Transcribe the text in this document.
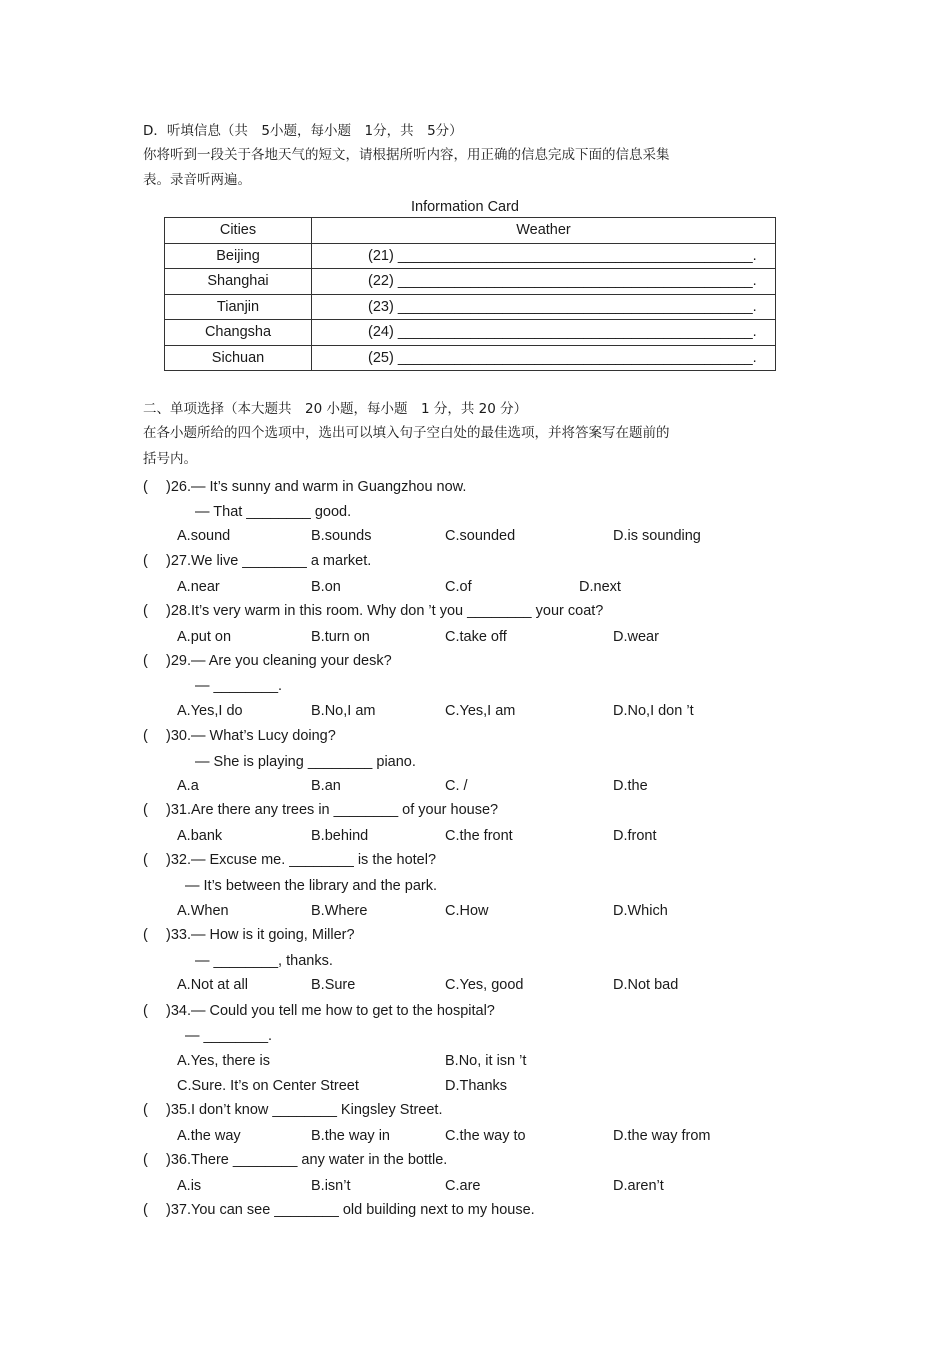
D．听填信息（共　5小题，每小题　1分，共　5分）
你将听到一段关于各地天气的短文，请根据所听内容，用正确的信息完成下面的信息采集
表。录音听两遍。
Information Card
Cities	Weather
Beijing	(21) ____________________________________________.
Shanghai	(22) ____________________________________________.
Tianjin	(23) ____________________________________________.
Changsha	(24) ____________________________________________.
Sichuan	(25) ____________________________________________.
二、单项选择（本大题共　20 小题，每小题　1 分，共 20 分）
在各小题所给的四个选项中，选出可以填入句子空白处的最佳选项，并将答案写在题前的
括号内。
( )26.— It’s sunny and warm in Guangzhou now.
— That ________ good.
A.sound	B.sounds	C.sounded	D.is sounding
( )27.We live ________ a market.
A.near	B.on	C.of	D.next
( )28.It’s very warm in this room. Why don ’t you ________ your coat?
A.put on	B.turn on	C.take off	D.wear
( )29.— Are you cleaning your desk?
— ________.
A.Yes,I do	B.No,I am	C.Yes,I am	D.No,I don ’t
( )30.— What’s Lucy doing?
— She is playing ________ piano.
A.a	B.an	C. /	D.the
( )31.Are there any trees in ________ of your house?
A.bank	B.behind	C.the front	D.front
( )32.— Excuse me. ________ is the hotel?
— It’s between the library and the park.
A.When	B.Where	C.How	D.Which
( )33.— How is it going, Miller?
— ________, thanks.
A.Not at all	B.Sure	C.Yes, good	D.Not bad
( )34.— Could you tell me how to get to the hospital?
— ________.
A.Yes, there is	B.No, it isn ’t
C.Sure. It’s on Center Street	D.Thanks
( )35.I don’t know ________ Kingsley Street.
A.the way	B.the way in	C.the way to	D.the way from
( )36.There ________ any water in the bottle.
A.is	B.isn’t	C.are	D.aren’t
( )37.You can see ________ old building next to my house.
